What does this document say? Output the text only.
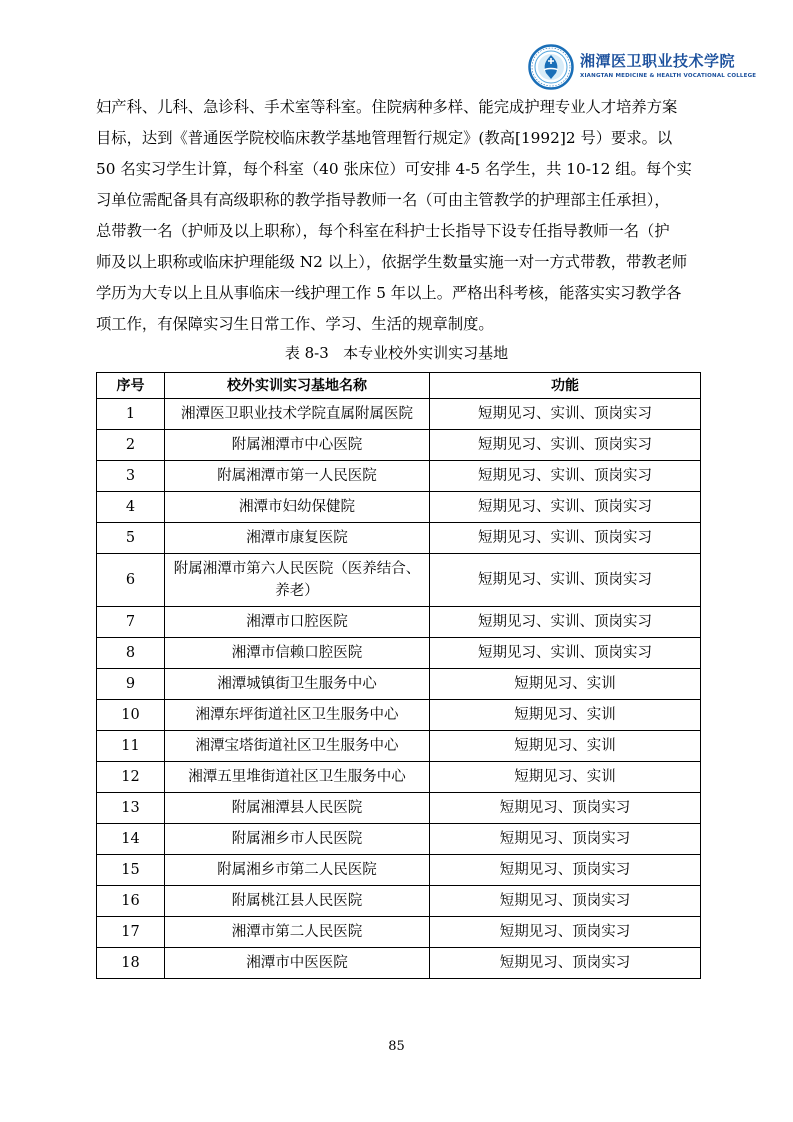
湘潭医卫职业技术学院
XIANGTAN MEDICINE & HEALTH VOCATIONAL COLLEGE
妇产科、儿科、急诊科、手术室等科室。住院病种多样、能完成护理专业人才培养方案
目标，达到《普通医学院校临床教学基地管理暂行规定》(教高[1992]2 号）要求。以
50 名实习学生计算，每个科室（40 张床位）可安排 4-5 名学生，共 10-12 组。每个实
习单位需配备具有高级职称的教学指导教师一名（可由主管教学的护理部主任承担），
总带教一名（护师及以上职称），每个科室在科护士长指导下设专任指导教师一名（护
师及以上职称或临床护理能级 N2 以上），依据学生数量实施一对一方式带教，带教老师
学历为大专以上且从事临床一线护理工作 5 年以上。严格出科考核，能落实实习教学各
项工作，有保障实习生日常工作、学习、生活的规章制度。
表 8-3   本专业校外实训实习基地
序号	校外实训实习基地名称	功能
1	湘潭医卫职业技术学院直属附属医院	短期见习、实训、顶岗实习
2	附属湘潭市中心医院	短期见习、实训、顶岗实习
3	附属湘潭市第一人民医院	短期见习、实训、顶岗实习
4	湘潭市妇幼保健院	短期见习、实训、顶岗实习
5	湘潭市康复医院	短期见习、实训、顶岗实习
6	附属湘潭市第六人民医院（医养结合、
养老）	短期见习、实训、顶岗实习
7	湘潭市口腔医院	短期见习、实训、顶岗实习
8	湘潭市信赖口腔医院	短期见习、实训、顶岗实习
9	湘潭城镇街卫生服务中心	短期见习、实训
10	湘潭东坪街道社区卫生服务中心	短期见习、实训
11	湘潭宝塔街道社区卫生服务中心	短期见习、实训
12	湘潭五里堆街道社区卫生服务中心	短期见习、实训
13	附属湘潭县人民医院	短期见习、顶岗实习
14	附属湘乡市人民医院	短期见习、顶岗实习
15	附属湘乡市第二人民医院	短期见习、顶岗实习
16	附属桃江县人民医院	短期见习、顶岗实习
17	湘潭市第二人民医院	短期见习、顶岗实习
18	湘潭市中医医院	短期见习、顶岗实习
85
